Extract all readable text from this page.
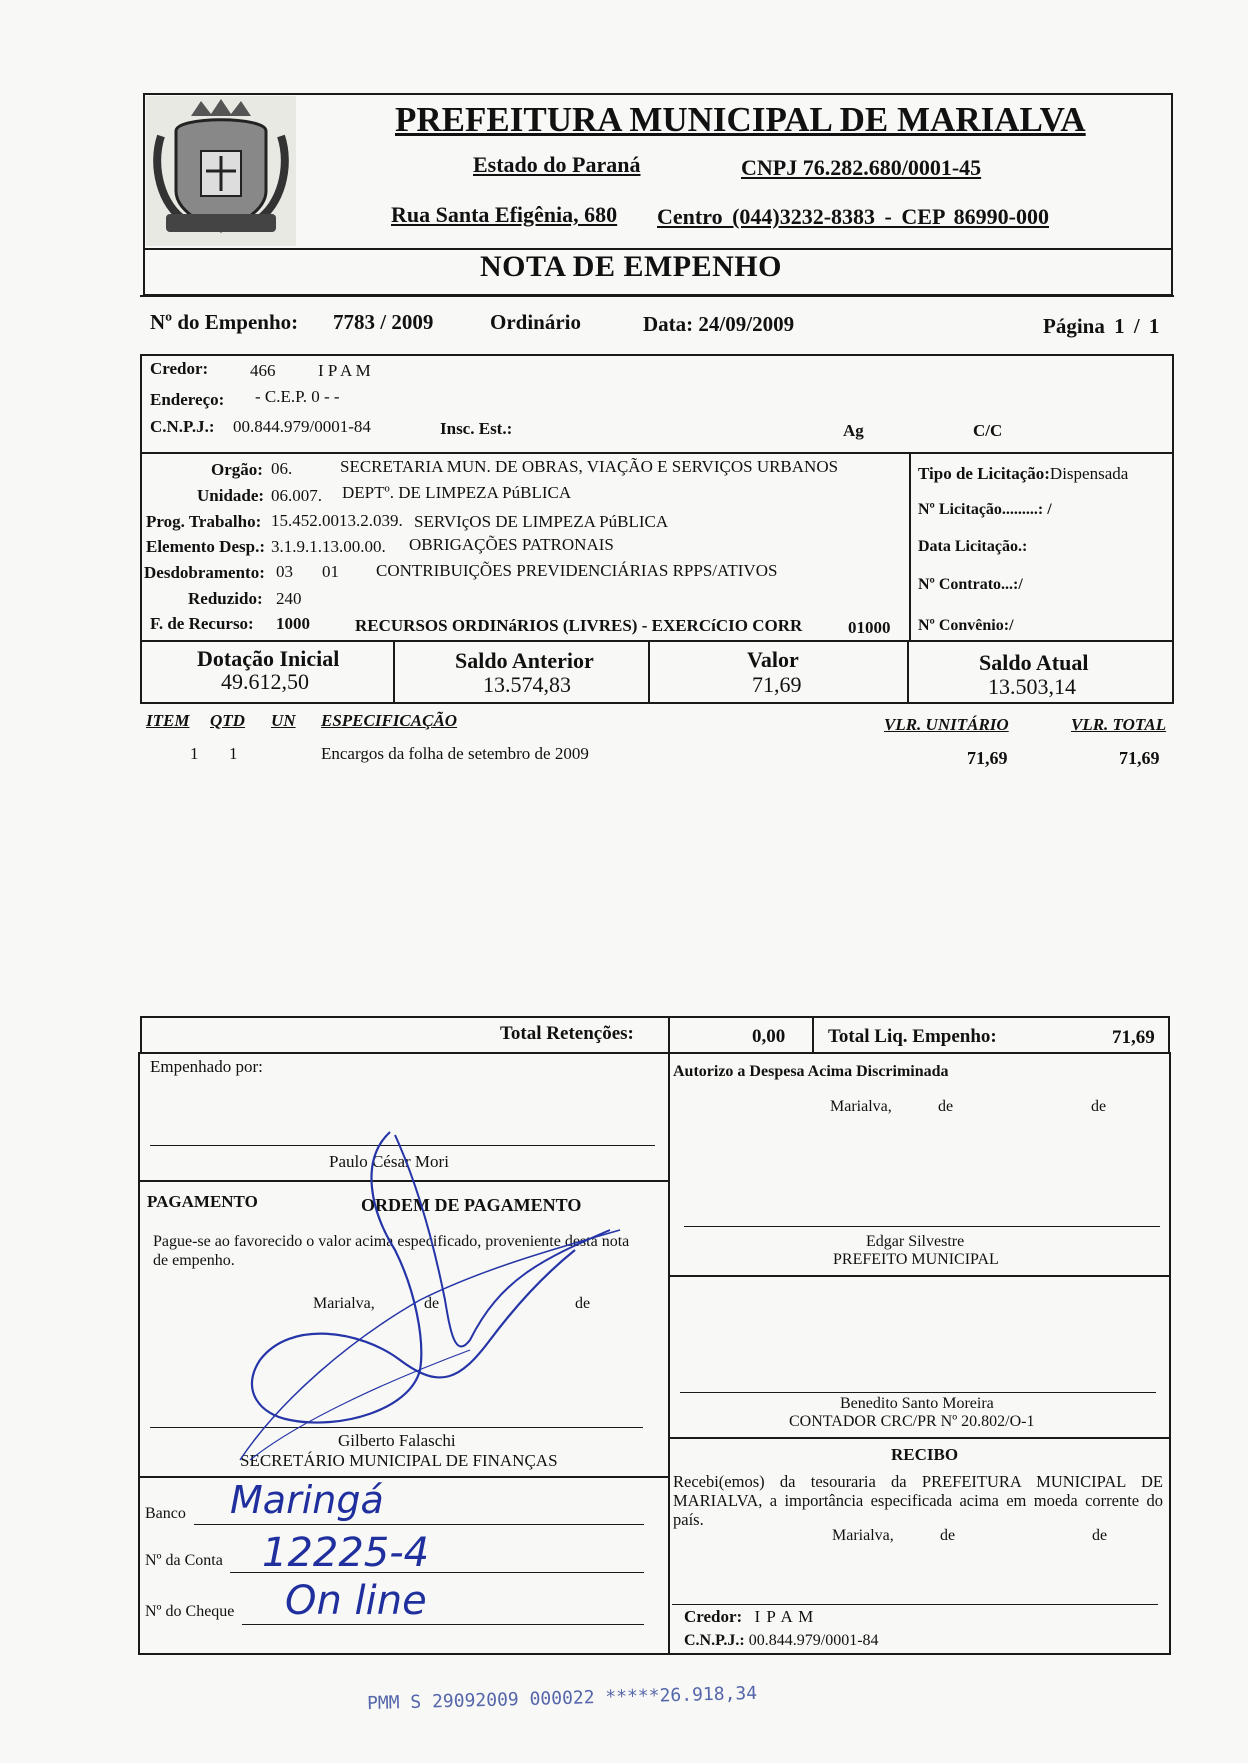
PREFEITURA MUNICIPAL DE MARIALVA
Estado do Paraná	CNPJ 76.282.680/0001-45
Rua Santa Efigênia, 680 Centro (044)3232-8383 - CEP 86990-000
NOTA DE EMPENHO
Nº do Empenho: 7783 / 2009	Ordinário	Data: 24/09/2009	Página 1 / 1
Credor: 466	I P A M
Endereço: - C.E.P. 0 - -
C.N.P.J.: 00.844.979/0001-84	Insc. Est.:	Ag	C/C
Orgão: 06.	SECRETARIA MUN. DE OBRAS, VIAÇÃO E SERVIÇOS URBANOS
Unidade: 06.007. DEPTº. DE LIMPEZA PúBLICA
Prog. Trabalho: 15.452.0013.2.039. SERVIçOS DE LIMPEZA PúBLICA
Elemento Desp.: 3.1.9.1.13.00.00. OBRIGAÇÕES PATRONAIS
Desdobramento: 03 01 CONTRIBUIÇÕES PREVIDENCIÁRIAS RPPS/ATIVOS
Reduzido: 240
F. de Recurso: 1000	RECURSOS ORDINáRIOS (LIVRES) - EXERCíCIO CORR	01000
Tipo de Licitação:Dispensada
Nº Licitação.........: /
Data Licitação.:
Nº Contrato...:/
Nº Convênio:/
Dotação Inicial
49.612,50
Saldo Anterior
13.574,83
Valor
71,69
Saldo Atual
13.503,14
ITEM QTD UN ESPECIFICAÇÃO	VLR. UNITÁRIO	VLR. TOTAL
1 1	Encargos da folha de setembro de 2009	71,69	71,69
Total Retenções:	0,00 Total Liq. Empenho:	71,69
Empenhado por:
Paulo César Mori
PAGAMENTO	ORDEM DE PAGAMENTO
Pague-se ao favorecido o valor acima especificado, proveniente desta nota de empenho.
Marialva,	de	de
Gilberto Falaschi
SECRETÁRIO MUNICIPAL DE FINANÇAS
Banco Maringá
Nº da Conta 12225-4
Nº do Cheque On line
Autorizo a Despesa Acima Discriminada
Marialva,	de	de
Edgar Silvestre
PREFEITO MUNICIPAL
Benedito Santo Moreira
CONTADOR CRC/PR Nº 20.802/O-1
RECIBO
Recebi(emos) da tesouraria da PREFEITURA MUNICIPAL DE MARIALVA, a importância especificada acima em moeda corrente do país.
Marialva,	de	de
Credor: I P A M
C.N.P.J.: 00.844.979/0001-84
PMM S 29092009 000022 *****26.918,34
